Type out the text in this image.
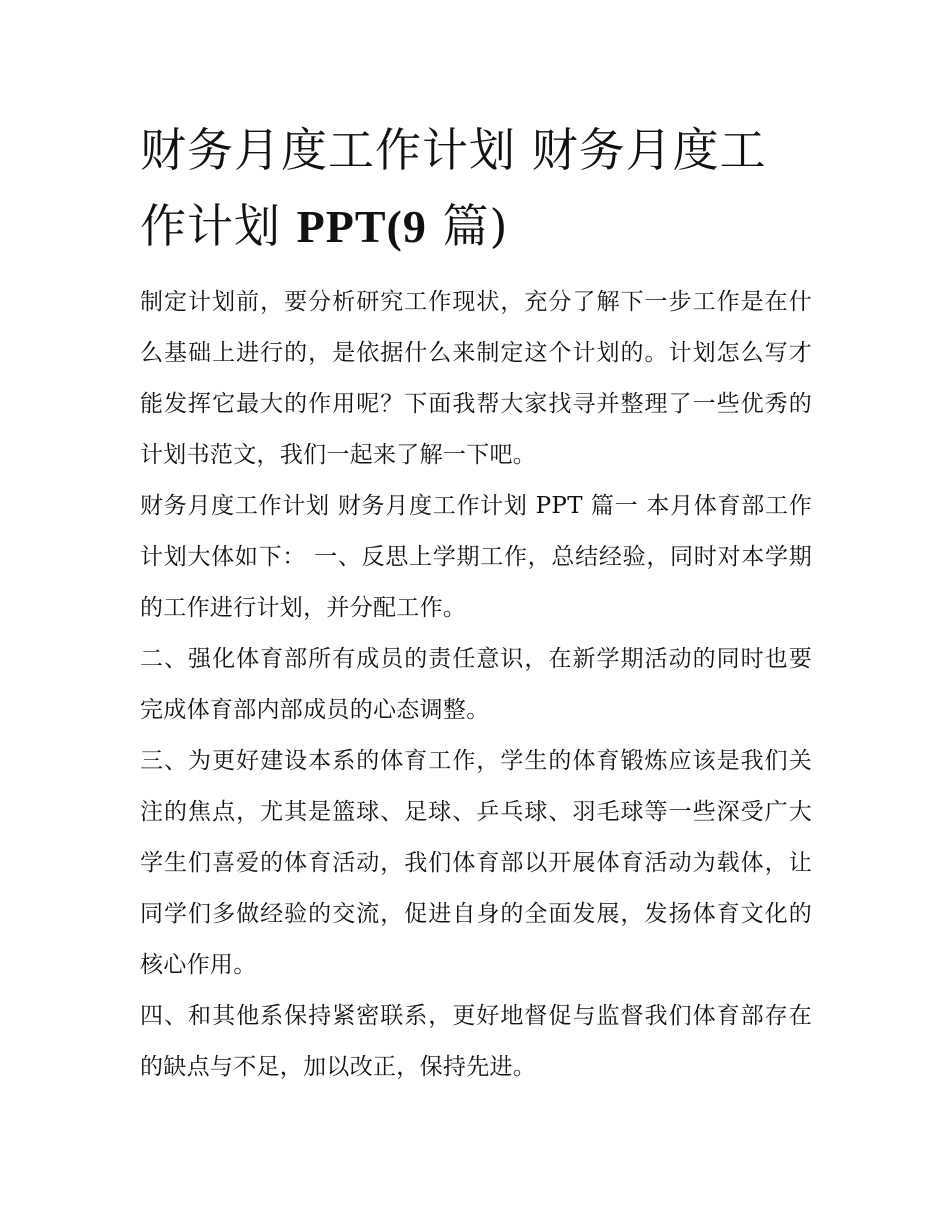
财务月度工作计划 财务月度工作计划 PPT(9 篇)

制定计划前，要分析研究工作现状，充分了解下一步工作是在什么基础上进行的，是依据什么来制定这个计划的。计划怎么写才能发挥它最大的作用呢？下面我帮大家找寻并整理了一些优秀的计划书范文，我们一起来了解一下吧。

财务月度工作计划 财务月度工作计划 PPT 篇一 本月体育部工作计划大体如下： 一、反思上学期工作，总结经验，同时对本学期的工作进行计划，并分配工作。

二、强化体育部所有成员的责任意识，在新学期活动的同时也要完成体育部内部成员的心态调整。

三、为更好建设本系的体育工作，学生的体育锻炼应该是我们关注的焦点，尤其是篮球、足球、乒乓球、羽毛球等一些深受广大学生们喜爱的体育活动，我们体育部以开展体育活动为载体，让同学们多做经验的交流，促进自身的全面发展，发扬体育文化的核心作用。

四、和其他系保持紧密联系，更好地督促与监督我们体育部存在的缺点与不足，加以改正，保持先进。
